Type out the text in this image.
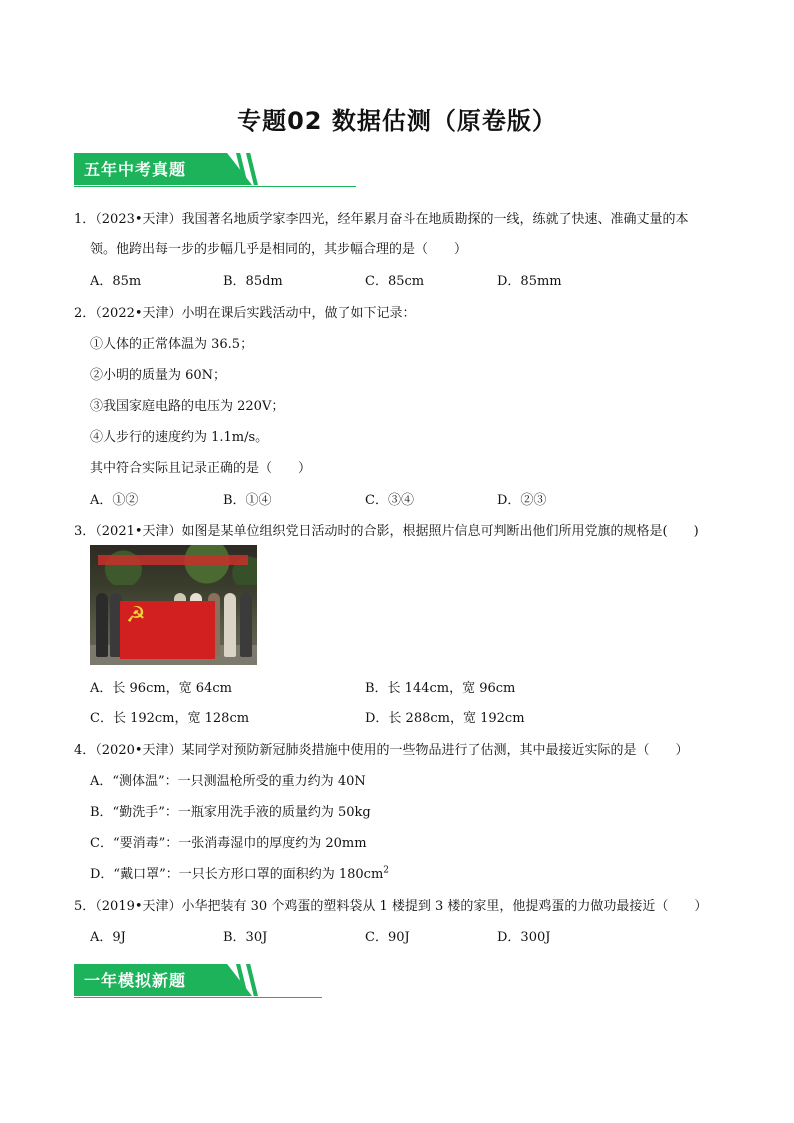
专题02 数据估测（原卷版）
五年中考真题
1．（2023•天津）我国著名地质学家李四光，经年累月奋斗在地质勘探的一线，练就了快速、准确丈量的本
领。他跨出每一步的步幅几乎是相同的，其步幅合理的是（　　）
A．85m	B．85dm	C．85cm	D．85mm
2．（2022•天津）小明在课后实践活动中，做了如下记录：
①人体的正常体温为 36.5；
②小明的质量为 60N；
③我国家庭电路的电压为 220V；
④人步行的速度约为 1.1m/s。
其中符合实际且记录正确的是（　　）
A．①②	B．①④	C．③④	D．②③
3．（2021•天津）如图是某单位组织党日活动时的合影，根据照片信息可判断出他们所用党旗的规格是(　　)
☭
A．长 96cm，宽 64cm	B．长 144cm，宽 96cm
C．长 192cm，宽 128cm	D．长 288cm，宽 192cm
4．（2020•天津）某同学对预防新冠肺炎措施中使用的一些物品进行了估测，其中最接近实际的是（　　）
A．“测体温”：一只测温枪所受的重力约为 40N
B．“勤洗手”：一瓶家用洗手液的质量约为 50kg
C．“要消毒”：一张消毒湿巾的厚度约为 20mm
D．“戴口罩”：一只长方形口罩的面积约为 $180cm^2$
5．（2019•天津）小华把装有 30 个鸡蛋的塑料袋从 1 楼提到 3 楼的家里，他提鸡蛋的力做功最接近（　　）
A．9J	B．30J	C．90J	D．300J
一年模拟新题
